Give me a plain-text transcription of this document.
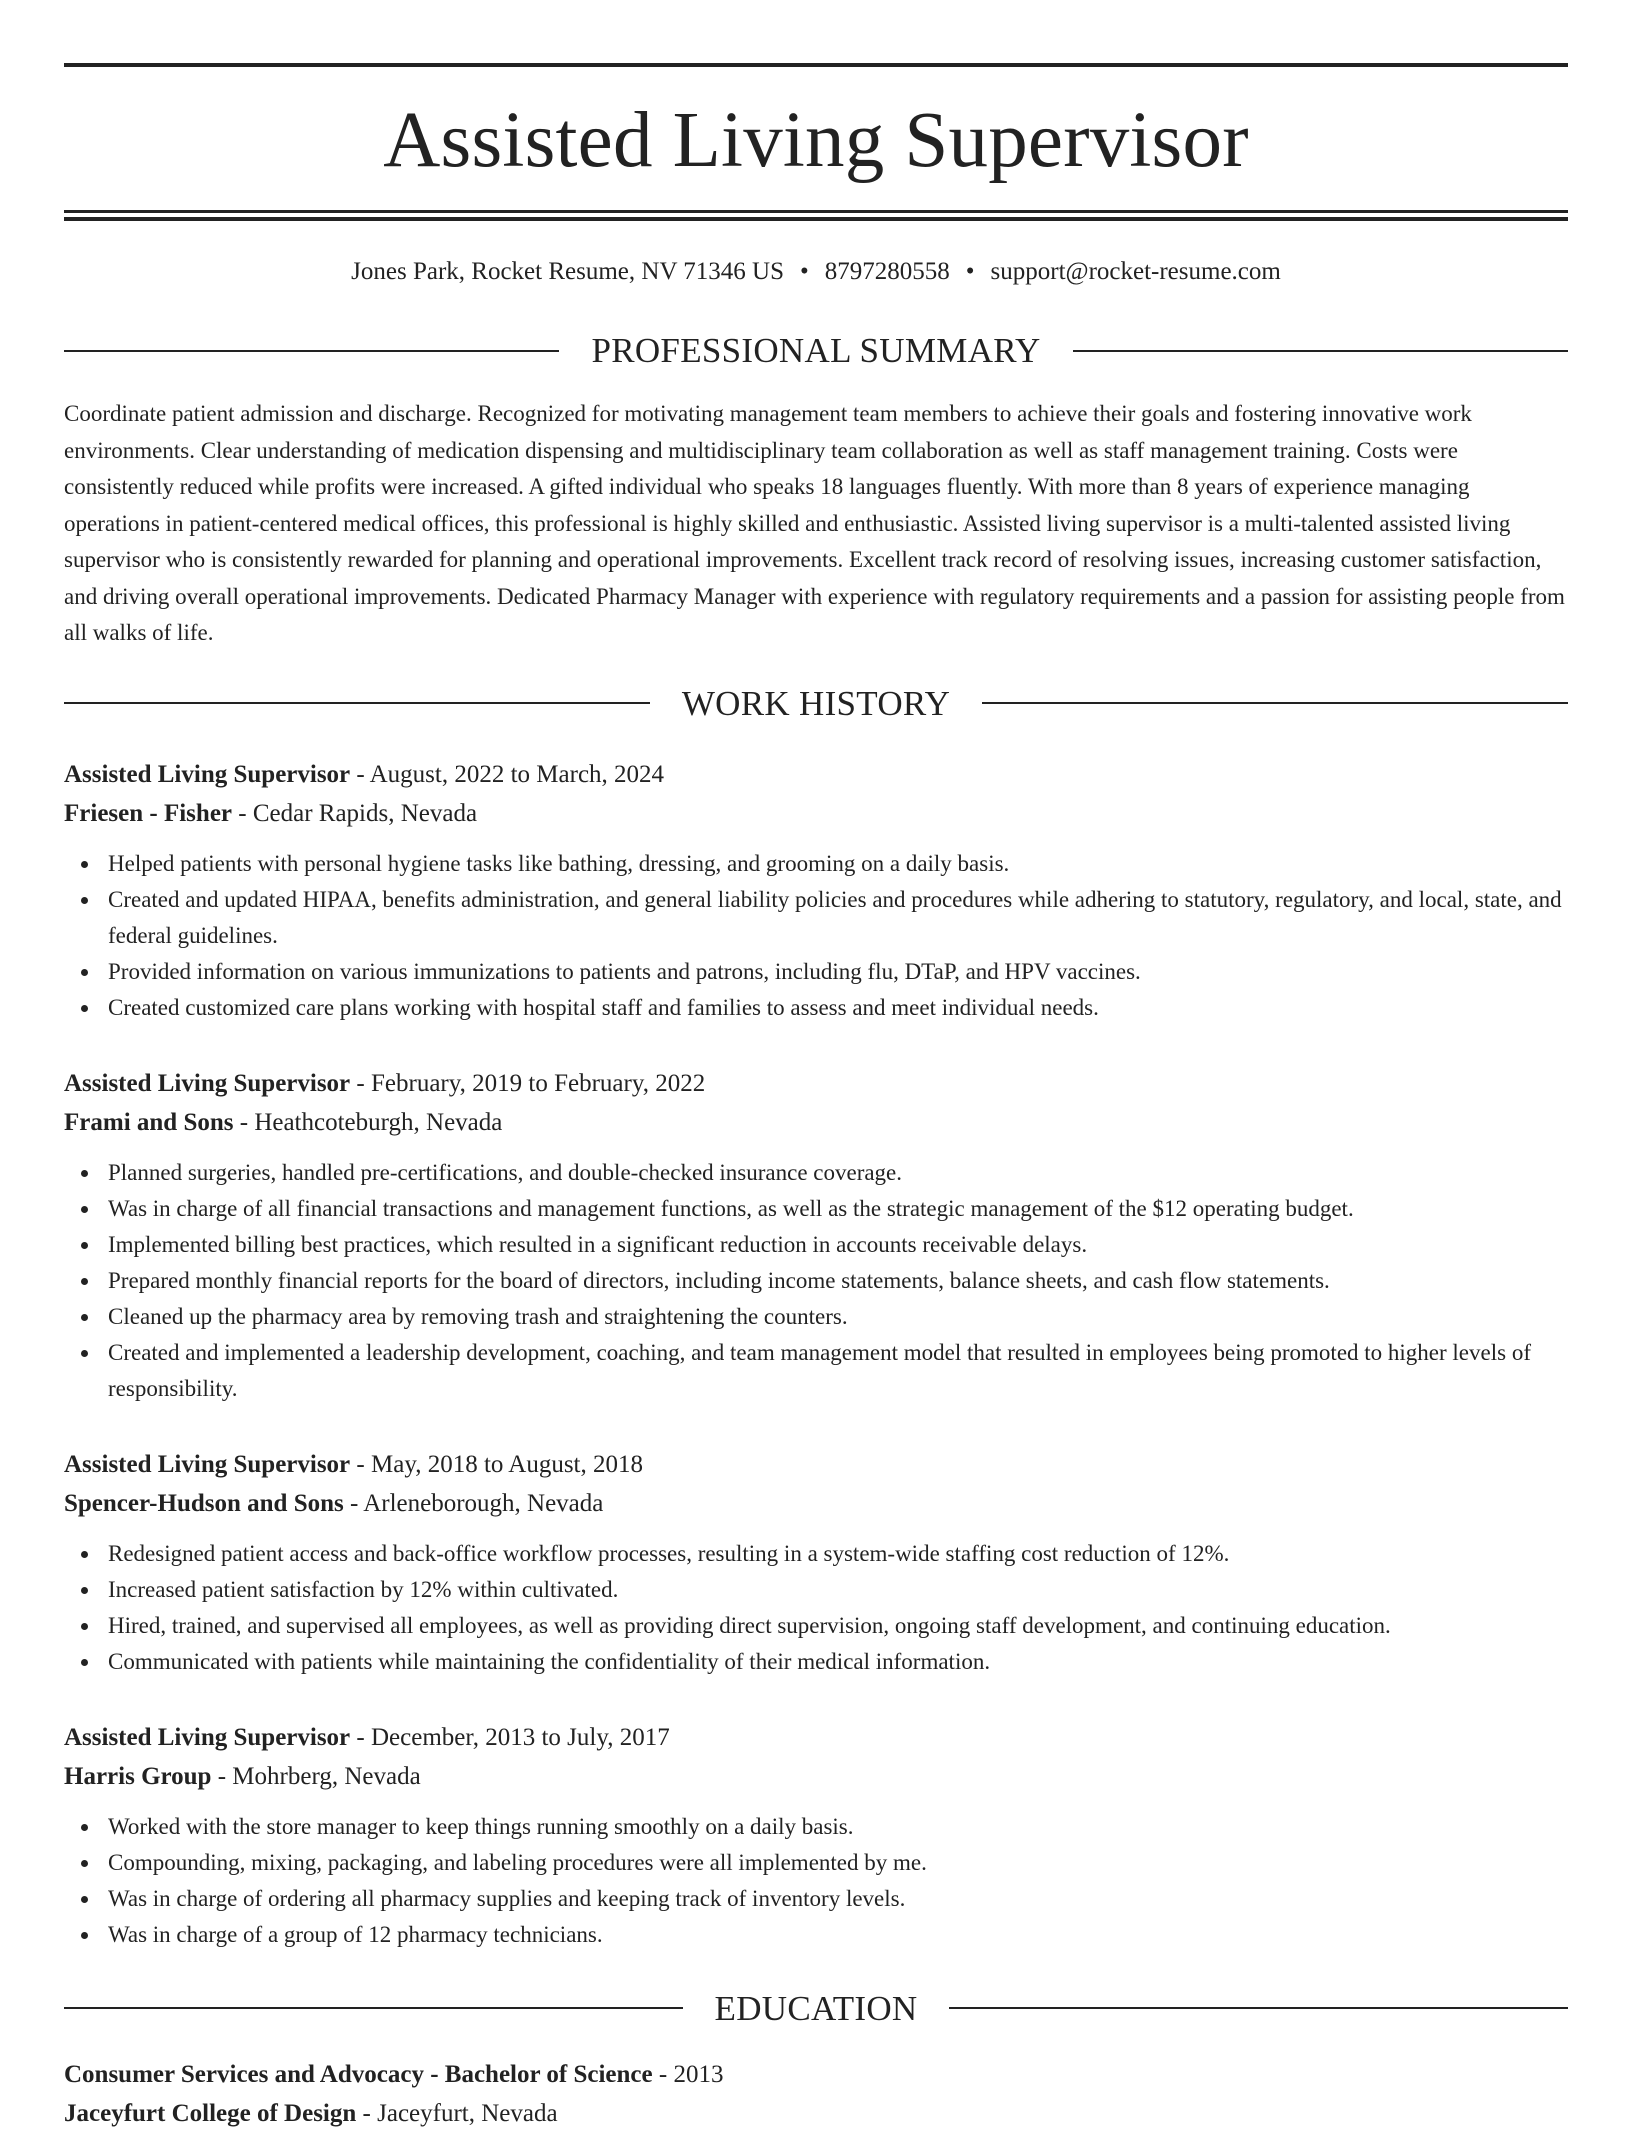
Assisted Living Supervisor
Jones Park, Rocket Resume, NV 71346 US • 8797280558 • support@rocket-resume.com
PROFESSIONAL SUMMARY

Coordinate patient admission and discharge. Recognized for motivating management team members to achieve their goals and fostering innovative work environments. Clear understanding of medication dispensing and multidisciplinary team collaboration as well as staff management training. Costs were consistently reduced while profits were increased. A gifted individual who speaks 18 languages fluently. With more than 8 years of experience managing operations in patient-centered medical offices, this professional is highly skilled and enthusiastic. Assisted living supervisor is a multi-talented assisted living supervisor who is consistently rewarded for planning and operational improvements. Excellent track record of resolving issues, increasing customer satisfaction, and driving overall operational improvements. Dedicated Pharmacy Manager with experience with regulatory requirements and a passion for assisting people from all walks of life.

WORK HISTORY
Assisted Living Supervisor - August, 2022 to March, 2024
Friesen - Fisher - Cedar Rapids, Nevada
Helped patients with personal hygiene tasks like bathing, dressing, and grooming on a daily basis.
Created and updated HIPAA, benefits administration, and general liability policies and procedures while adhering to statutory, regulatory, and local, state, and federal guidelines.
Provided information on various immunizations to patients and patrons, including flu, DTaP, and HPV vaccines.
Created customized care plans working with hospital staff and families to assess and meet individual needs.
Assisted Living Supervisor - February, 2019 to February, 2022
Frami and Sons - Heathcoteburgh, Nevada
Planned surgeries, handled pre-certifications, and double-checked insurance coverage.
Was in charge of all financial transactions and management functions, as well as the strategic management of the $12 operating budget.
Implemented billing best practices, which resulted in a significant reduction in accounts receivable delays.
Prepared monthly financial reports for the board of directors, including income statements, balance sheets, and cash flow statements.
Cleaned up the pharmacy area by removing trash and straightening the counters.
Created and implemented a leadership development, coaching, and team management model that resulted in employees being promoted to higher levels of responsibility.
Assisted Living Supervisor - May, 2018 to August, 2018
Spencer-Hudson and Sons - Arleneborough, Nevada
Redesigned patient access and back-office workflow processes, resulting in a system-wide staffing cost reduction of 12%.
Increased patient satisfaction by 12% within cultivated.
Hired, trained, and supervised all employees, as well as providing direct supervision, ongoing staff development, and continuing education.
Communicated with patients while maintaining the confidentiality of their medical information.
Assisted Living Supervisor - December, 2013 to July, 2017
Harris Group - Mohrberg, Nevada
Worked with the store manager to keep things running smoothly on a daily basis.
Compounding, mixing, packaging, and labeling procedures were all implemented by me.
Was in charge of ordering all pharmacy supplies and keeping track of inventory levels.
Was in charge of a group of 12 pharmacy technicians.
EDUCATION
Consumer Services and Advocacy - Bachelor of Science - 2013
Jaceyfurt College of Design - Jaceyfurt, Nevada
